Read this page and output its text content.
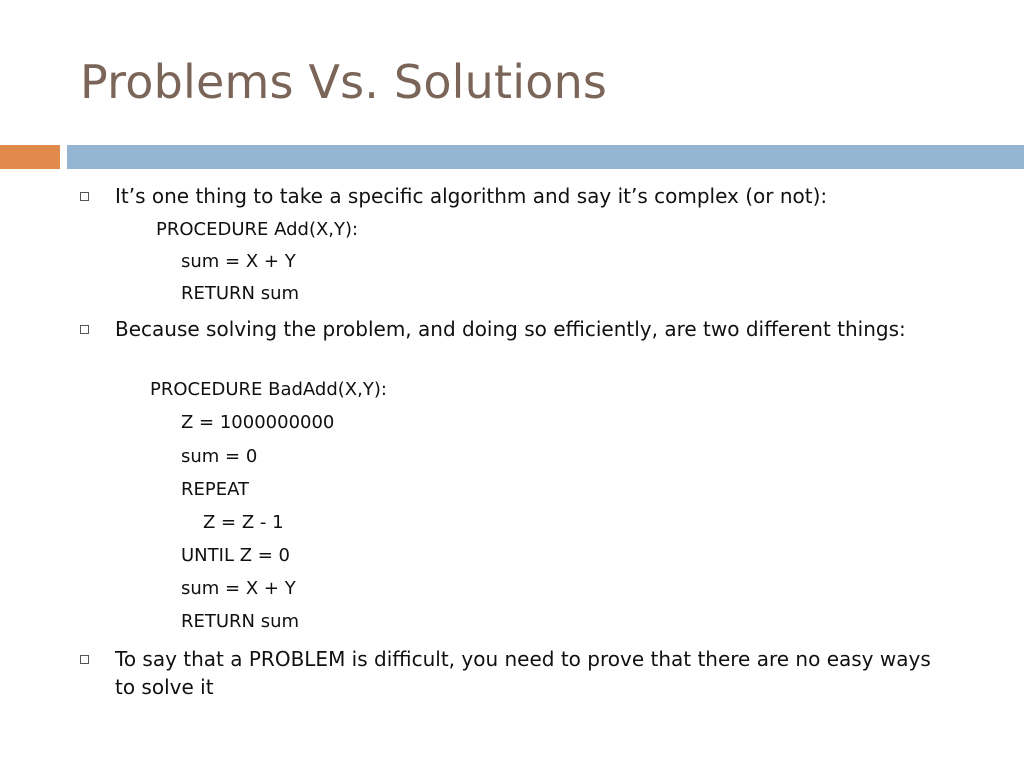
Problems Vs. Solutions
It’s one thing to take a specific algorithm and say it’s complex (or not):
PROCEDURE Add(X,Y):
sum = X + Y
RETURN sum
Because solving the problem, and doing so efficiently, are two different things:
PROCEDURE BadAdd(X,Y):
Z = 1000000000
sum = 0
REPEAT
Z = Z - 1
UNTIL Z = 0
sum = X + Y
RETURN sum
To say that a PROBLEM is difficult, you need to prove that there are no easy ways to solve it
